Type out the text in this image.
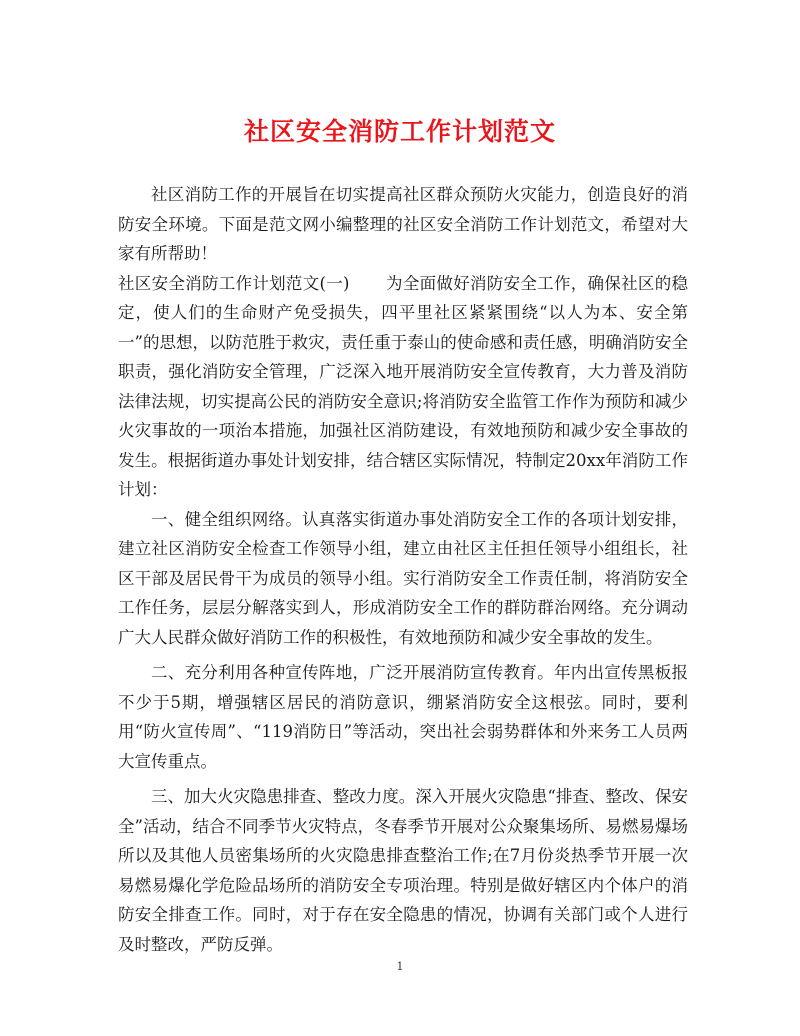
社区安全消防工作计划范文

社区消防工作的开展旨在切实提高社区群众预防火灾能力，创造良好的消防安全环境。下面是范文网小编整理的社区安全消防工作计划范文，希望对大家有所帮助！

社区安全消防工作计划范文(一) 为全面做好消防安全工作，确保社区的稳定，使人们的生命财产免受损失，四平里社区紧紧围绕“以人为本、安全第一”的思想，以防范胜于救灾，责任重于泰山的使命感和责任感，明确消防安全职责，强化消防安全管理，广泛深入地开展消防安全宣传教育，大力普及消防法律法规，切实提高公民的消防安全意识;将消防安全监管工作作为预防和减少火灾事故的一项治本措施，加强社区消防建设，有效地预防和减少安全事故的发生。根据街道办事处计划安排，结合辖区实际情况，特制定20xx年消防工作计划：

一、健全组织网络。认真落实街道办事处消防安全工作的各项计划安排，建立社区消防安全检查工作领导小组，建立由社区主任担任领导小组组长，社区干部及居民骨干为成员的领导小组。实行消防安全工作责任制，将消防安全工作任务，层层分解落实到人，形成消防安全工作的群防群治网络。充分调动广大人民群众做好消防工作的积极性，有效地预防和减少安全事故的发生。

二、充分利用各种宣传阵地，广泛开展消防宣传教育。年内出宣传黑板报不少于5期，增强辖区居民的消防意识，绷紧消防安全这根弦。同时，要利用“防火宣传周”、“119消防日”等活动，突出社会弱势群体和外来务工人员两大宣传重点。

三、加大火灾隐患排查、整改力度。深入开展火灾隐患“排查、整改、保安全”活动，结合不同季节火灾特点，冬春季节开展对公众聚集场所、易燃易爆场所以及其他人员密集场所的火灾隐患排查整治工作;在7月份炎热季节开展一次易燃易爆化学危险品场所的消防安全专项治理。特别是做好辖区内个体户的消防安全排查工作。同时，对于存在安全隐患的情况，协调有关部门或个人进行及时整改，严防反弹。

1
